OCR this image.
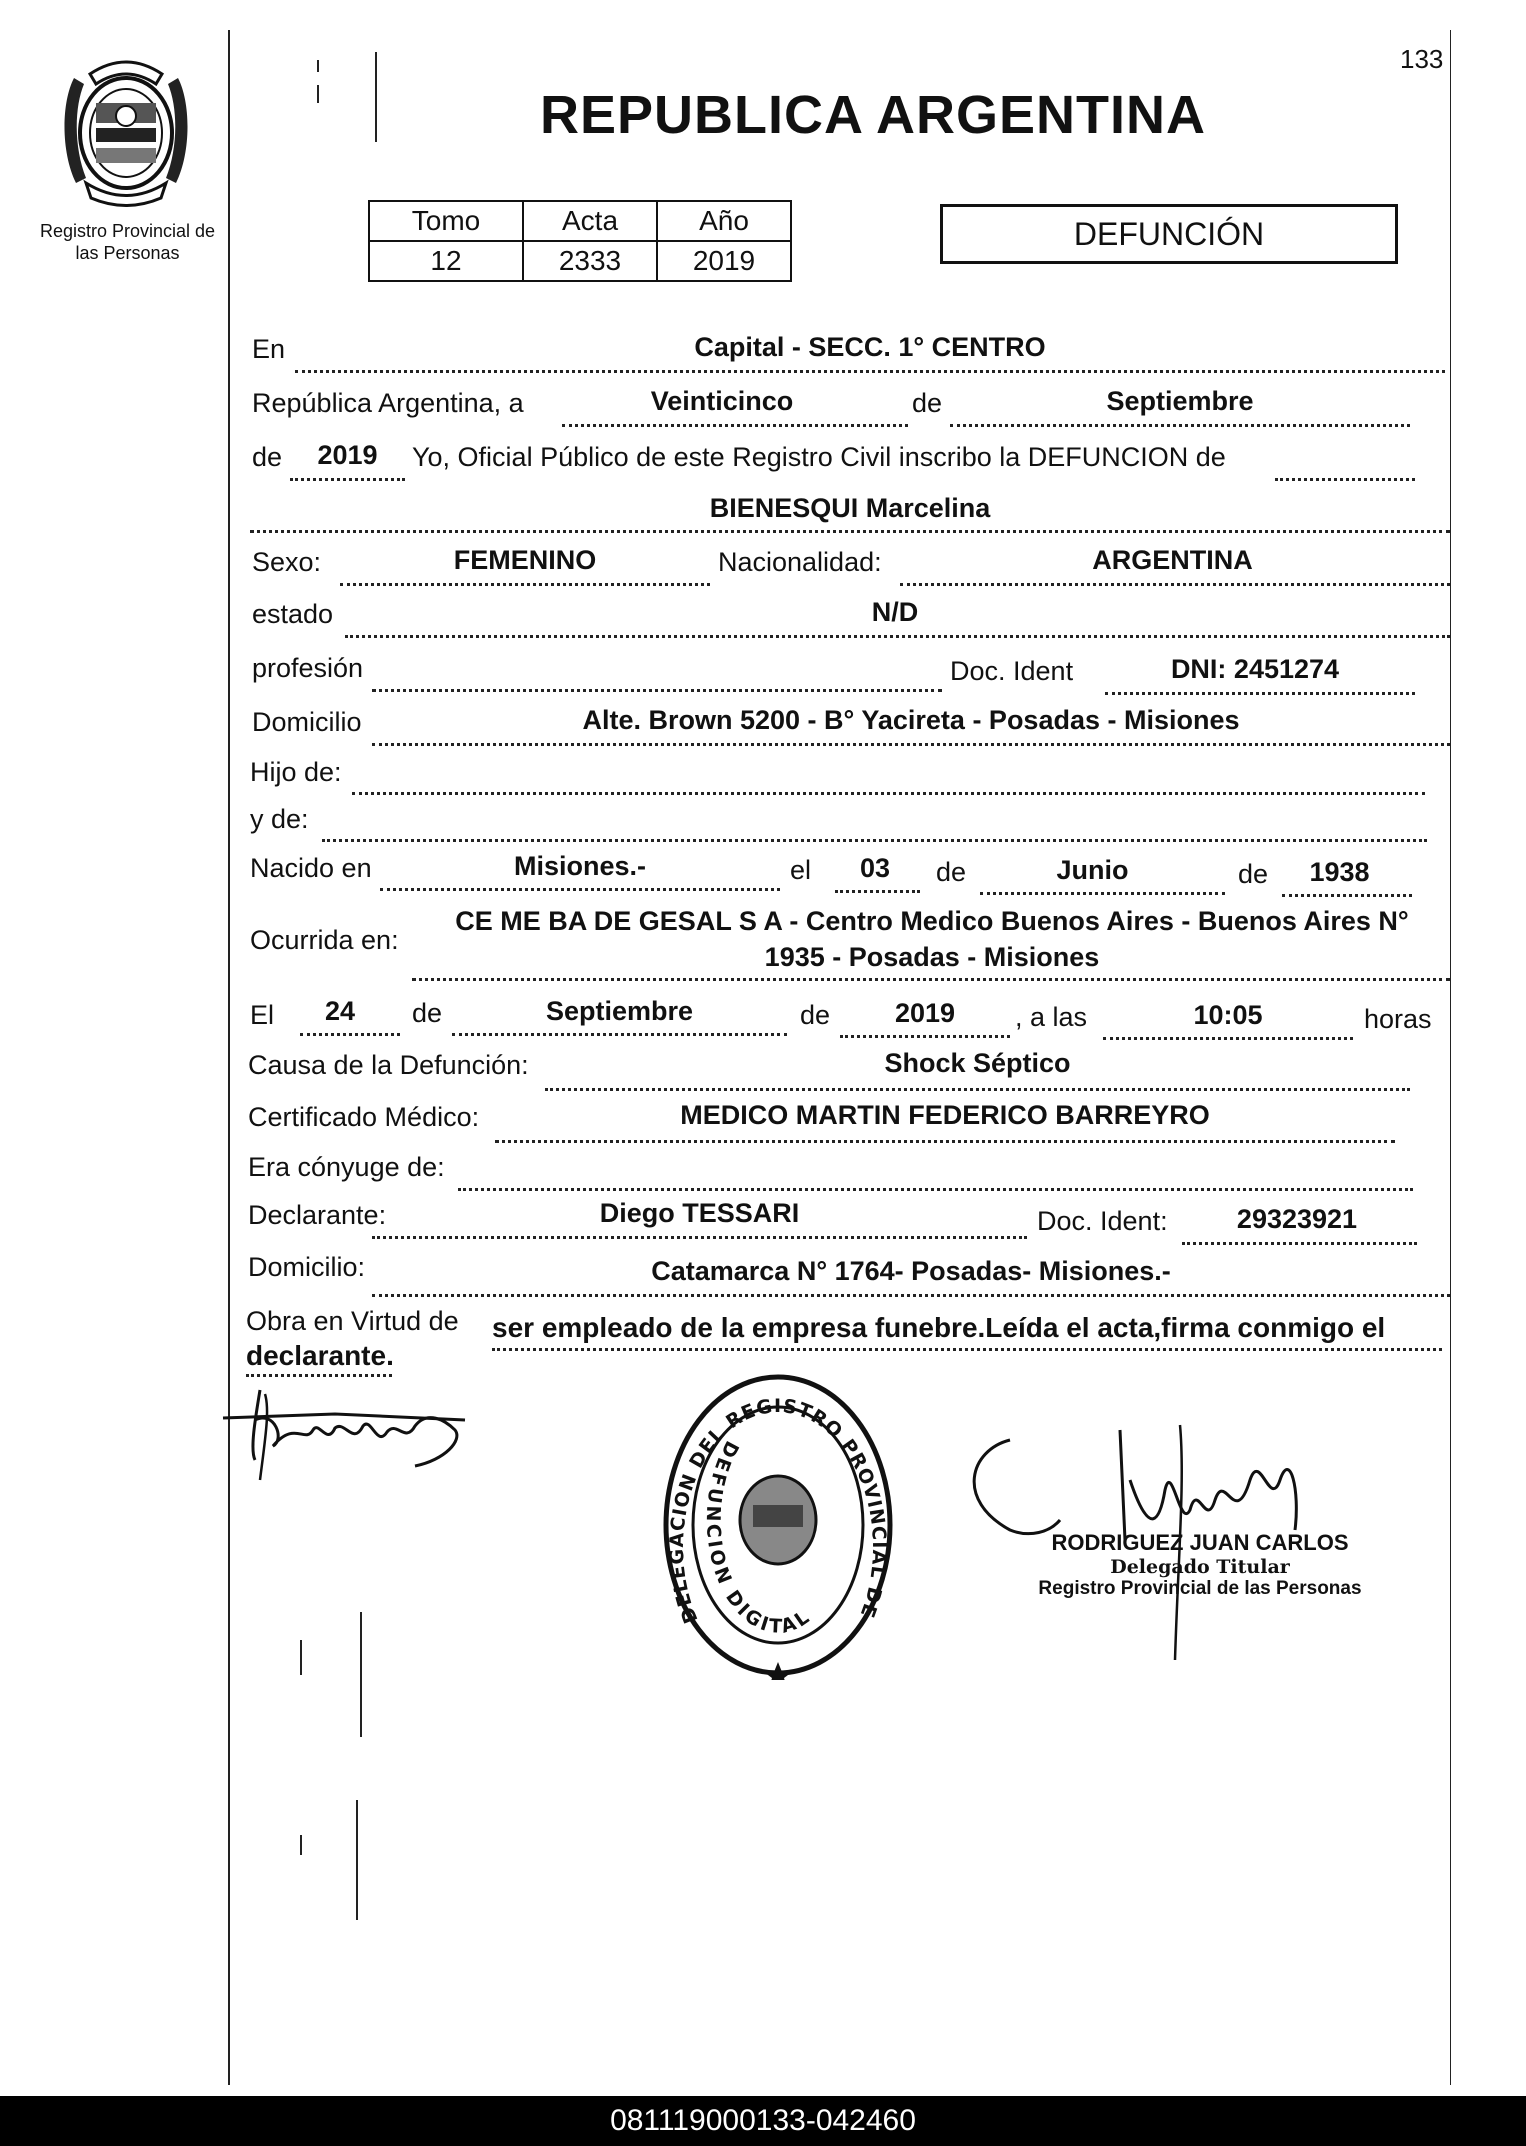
133
Registro Provincial de
las Personas
REPUBLICA ARGENTINA
Tomo	Acta	Año
12	2333	2019
DEFUNCIÓN
En	Capital - SECC. 1° CENTRO
República Argentina, a	Veinticinco	de	Septiembre
de	2019	Yo, Oficial Público de este Registro Civil inscribo la DEFUNCION de
BIENESQUI Marcelina
Sexo:	FEMENINO	Nacionalidad:	ARGENTINA
estado	N/D
profesión	Doc. Ident	DNI: 2451274
Domicilio	Alte. Brown 5200 - B° Yacireta - Posadas - Misiones
Hijo de:
y de:
Nacido en	Misiones.-	el	03	de	Junio	de	1938
Ocurrida en:
CE ME BA DE GESAL S A - Centro Medico Buenos Aires - Buenos Aires N°
1935 - Posadas - Misiones
El	24	de	Septiembre	de	2019	, a las	10:05	horas
Causa de la Defunción:	Shock Séptico
Certificado Médico:	MEDICO MARTIN FEDERICO BARREYRO
Era cónyuge de:
Declarante:	Diego TESSARI	Doc. Ident:	29323921
Domicilio:	Catamarca N° 1764- Posadas- Misiones.-
Obra en Virtud de ser empleado de la empresa funebre.Leída el acta,firma conmigo el
declarante.
DELEGACION DEL REGISTRO PROVINCIAL DE
DEFUNCION DIGITAL
RODRIGUEZ JUAN CARLOS
Delegado Titular
Registro Provincial de las Personas
081119000133-042460
